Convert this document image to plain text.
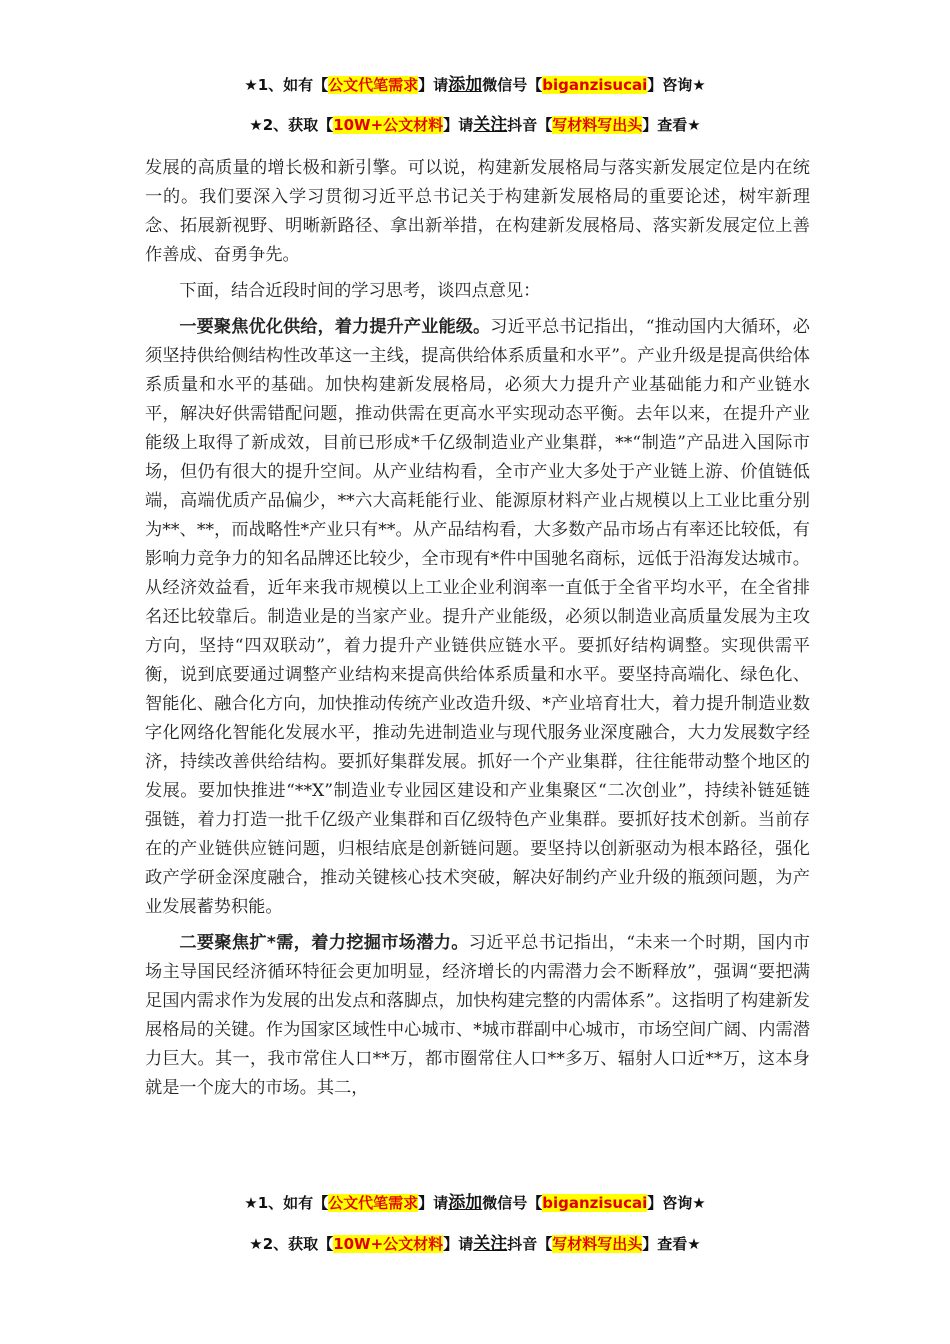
★1、如有【公文代笔需求】请添加微信号【biganzisucai】咨询★
★2、获取【10W+公文材料】请关注抖音【写材料写出头】查看★

发展的高质量的增长极和新引擎。可以说，构建新发展格局与落实新发展定位是内在统一的。我们要深入学习贯彻习近平总书记关于构建新发展格局的重要论述，树牢新理念、拓展新视野、明晰新路径、拿出新举措，在构建新发展格局、落实新发展定位上善作善成、奋勇争先。

下面，结合近段时间的学习思考，谈四点意见：

一要聚焦优化供给，着力提升产业能级。习近平总书记指出，“推动国内大循环，必须坚持供给侧结构性改革这一主线，提高供给体系质量和水平”。产业升级是提高供给体系质量和水平的基础。加快构建新发展格局，必须大力提升产业基础能力和产业链水平，解决好供需错配问题，推动供需在更高水平实现动态平衡。去年以来，在提升产业能级上取得了新成效，目前已形成*千亿级制造业产业集群，**“制造”产品进入国际市场，但仍有很大的提升空间。从产业结构看，全市产业大多处于产业链上游、价值链低端，高端优质产品偏少，**六大高耗能行业、能源原材料产业占规模以上工业比重分别为**、**，而战略性*产业只有**。从产品结构看，大多数产品市场占有率还比较低，有影响力竞争力的知名品牌还比较少，全市现有*件中国驰名商标，远低于沿海发达城市。从经济效益看，近年来我市规模以上工业企业利润率一直低于全省平均水平，在全省排名还比较靠后。制造业是的当家产业。提升产业能级，必须以制造业高质量发展为主攻方向，坚持“四双联动”，着力提升产业链供应链水平。要抓好结构调整。实现供需平衡，说到底要通过调整产业结构来提高供给体系质量和水平。要坚持高端化、绿色化、智能化、融合化方向，加快推动传统产业改造升级、*产业培育壮大，着力提升制造业数字化网络化智能化发展水平，推动先进制造业与现代服务业深度融合，大力发展数字经济，持续改善供给结构。要抓好集群发展。抓好一个产业集群，往往能带动整个地区的发展。要加快推进“**X”制造业专业园区建设和产业集聚区“二次创业”，持续补链延链强链，着力打造一批千亿级产业集群和百亿级特色产业集群。要抓好技术创新。当前存在的产业链供应链问题，归根结底是创新链问题。要坚持以创新驱动为根本路径，强化政产学研金深度融合，推动关键核心技术突破，解决好制约产业升级的瓶颈问题，为产业发展蓄势积能。

二要聚焦扩*需，着力挖掘市场潜力。习近平总书记指出，“未来一个时期，国内市场主导国民经济循环特征会更加明显，经济增长的内需潜力会不断释放”，强调“要把满足国内需求作为发展的出发点和落脚点，加快构建完整的内需体系”。这指明了构建新发展格局的关键。作为国家区域性中心城市、*城市群副中心城市，市场空间广阔、内需潜力巨大。其一，我市常住人口**万，都市圈常住人口**多万、辐射人口近**万，这本身就是一个庞大的市场。其二，

★1、如有【公文代笔需求】请添加微信号【biganzisucai】咨询★
★2、获取【10W+公文材料】请关注抖音【写材料写出头】查看★
